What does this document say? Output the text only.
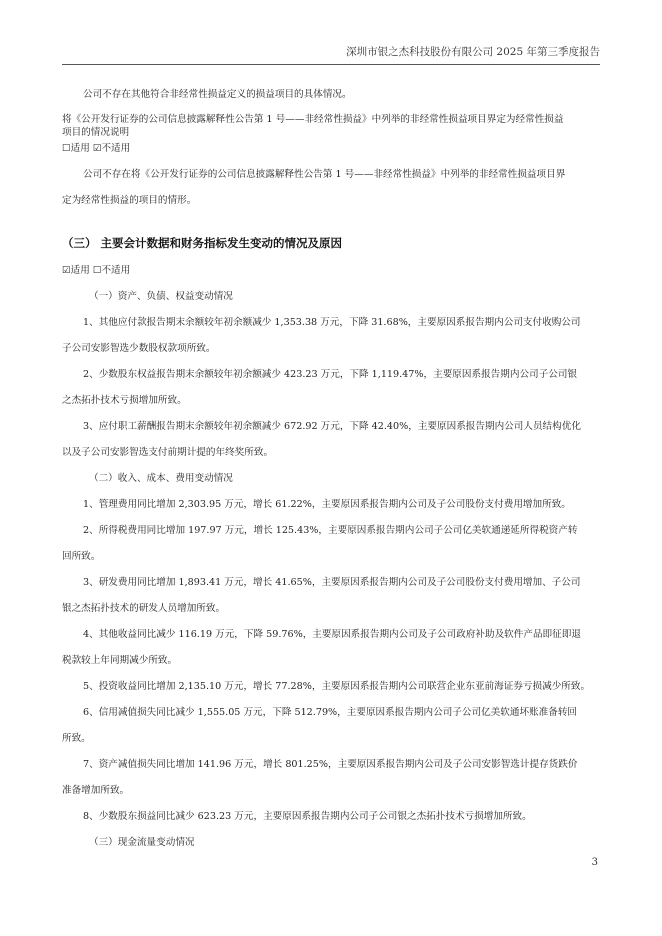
深圳市银之杰科技股份有限公司 2025 年第三季度报告
公司不存在其他符合非经常性损益定义的损益项目的具体情况。
将《公开发行证券的公司信息披露解释性公告第 1 号——非经常性损益》中列举的非经常性损益项目界定为经常性损益
项目的情况说明
☐适用 ☑不适用
公司不存在将《公开发行证券的公司信息披露解释性公告第 1 号——非经常性损益》中列举的非经常性损益项目界
定为经常性损益的项目的情形。
（三） 主要会计数据和财务指标发生变动的情况及原因
☑适用 ☐不适用
（一）资产、负债、权益变动情况
1、其他应付款报告期末余额较年初余额减少 1,353.38 万元，下降 31.68%，主要原因系报告期内公司支付收购公司
子公司安影智选少数股权款项所致。
2、少数股东权益报告期末余额较年初余额减少 423.23 万元，下降 1,119.47%，主要原因系报告期内公司子公司银
之杰拓扑技术亏损增加所致。
3、应付职工薪酬报告期末余额较年初余额减少 672.92 万元，下降 42.40%，主要原因系报告期内公司人员结构优化
以及子公司安影智选支付前期计提的年终奖所致。
（二）收入、成本、费用变动情况
1、管理费用同比增加 2,303.95 万元，增长 61.22%，主要原因系报告期内公司及子公司股份支付费用增加所致。
2、所得税费用同比增加 197.97 万元，增长 125.43%，主要原因系报告期内公司子公司亿美软通递延所得税资产转
回所致。
3、研发费用同比增加 1,893.41 万元，增长 41.65%，主要原因系报告期内公司及子公司股份支付费用增加、子公司
银之杰拓扑技术的研发人员增加所致。
4、其他收益同比减少 116.19 万元，下降 59.76%，主要原因系报告期内公司及子公司政府补助及软件产品即征即退
税款较上年同期减少所致。
5、投资收益同比增加 2,135.10 万元，增长 77.28%，主要原因系报告期内公司联营企业东亚前海证券亏损减少所致。
6、信用减值损失同比减少 1,555.05 万元，下降 512.79%，主要原因系报告期内公司子公司亿美软通坏账准备转回
所致。
7、资产减值损失同比增加 141.96 万元，增长 801.25%，主要原因系报告期内公司及子公司安影智选计提存货跌价
准备增加所致。
8、少数股东损益同比减少 623.23 万元，主要原因系报告期内公司子公司银之杰拓扑技术亏损增加所致。
（三）现金流量变动情况
3
